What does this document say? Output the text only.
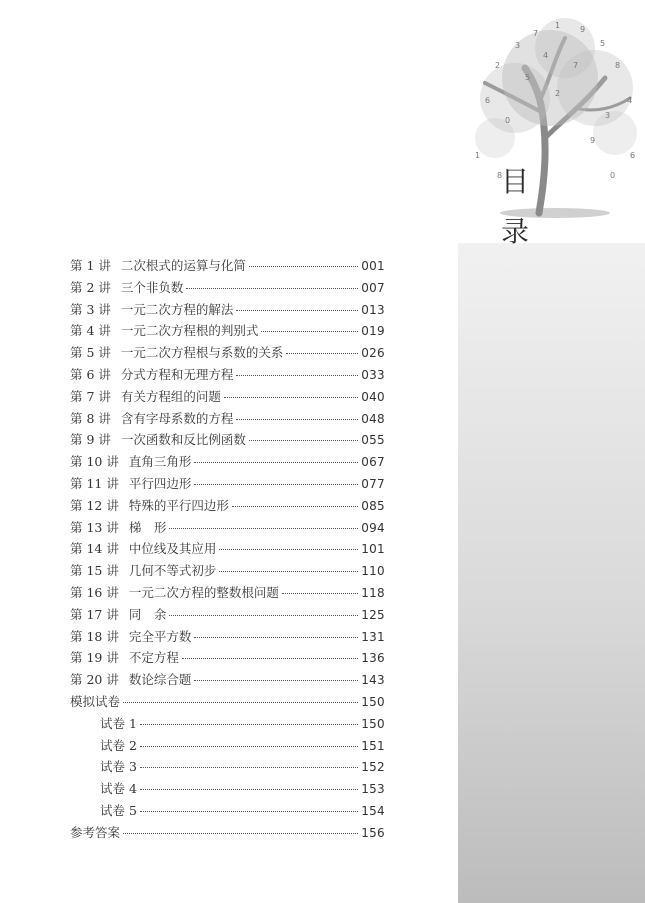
3
7
1 9
5
2	8
6	4
0
3
7
5
2
9
1	6
8	0
4
目
录
第 1 讲 二次根式的运算与化简	001
第 2 讲 三个非负数	007
第 3 讲 一元二次方程的解法	013
第 4 讲 一元二次方程根的判别式	019
第 5 讲 一元二次方程根与系数的关系	026
第 6 讲 分式方程和无理方程	033
第 7 讲 有关方程组的问题	040
第 8 讲 含有字母系数的方程	048
第 9 讲 一次函数和反比例函数	055
第 10 讲 直角三角形	067
第 11 讲 平行四边形	077
第 12 讲 特殊的平行四边形	085
第 13 讲 梯　形	094
第 14 讲 中位线及其应用	101
第 15 讲 几何不等式初步	110
第 16 讲 一元二次方程的整数根问题	118
第 17 讲 同　余	125
第 18 讲 完全平方数	131
第 19 讲 不定方程	136
第 20 讲 数论综合题	143
模拟试卷	150
试卷 1	150
试卷 2	151
试卷 3	152
试卷 4	153
试卷 5	154
参考答案	156
